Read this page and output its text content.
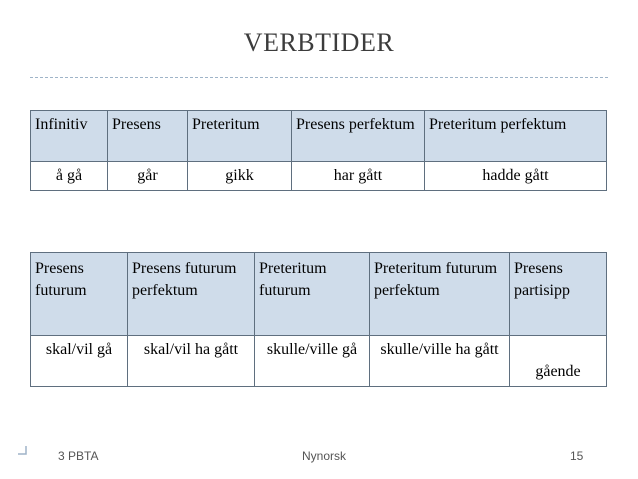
VERBTIDER
Infinitiv	Presens	Preteritum	Presens perfektum	Preteritum perfektum
å gå	går	gikk	har gått	hadde gått
Presens futurum	Presens futurum perfektum	Preteritum futurum	Preteritum futurum perfektum	Presens partisipp
skal/vil gå	skal/vil ha gått	skulle/ville gå	skulle/ville ha gått	gående
3 PBTA	Nynorsk	15
